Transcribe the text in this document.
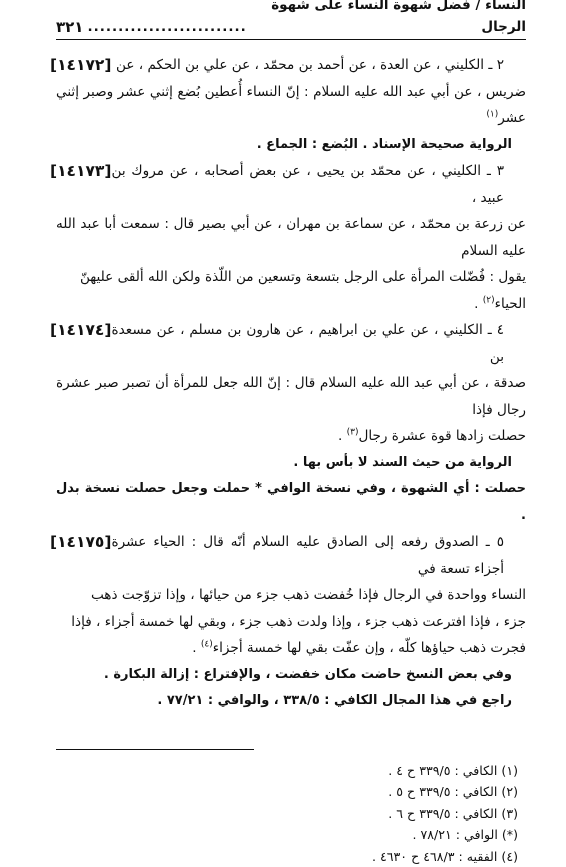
النساء / فضل شهوة النساء على شهوة الرجال
..........................
٣٢١

[١٤١٧٢] ٢ ـ الكليني ، عن العدة ، عن أحمد بن محمّد ، عن علي بن الحكم ، عن

ضريس ، عن أبي عبد الله عليه السلام : إنّ النساء أُعطين بُضع إثني عشر وصبر إثني عشر$^{(١)}$

الرواية صحيحة الإسناد . البُضع : الجماع .

[١٤١٧٣] ٣ ـ الكليني ، عن محمّد بن يحيى ، عن بعض أصحابه ، عن مروك بن عبيد ،

عن زرعة بن محمّد ، عن سماعة بن مهران ، عن أبي بصير قال : سمعت أبا عبد الله عليه السلام

يقول : فُضّلت المرأة على الرجل بتسعة وتسعين من اللّذة ولكن الله ألقى عليهنّ

الحياء$^{(٢)}$ .

[١٤١٧٤] ٤ ـ الكليني ، عن علي بن ابراهيم ، عن هارون بن مسلم ، عن مسعدة بن

صدقة ، عن أبي عبد الله عليه السلام قال : إنّ الله جعل للمرأة أن تصبر صبر عشرة رجال فإذا

حصلت زادها قوة عشرة رجال$^{(٣)}$ .

الرواية من حيث السند لا بأس بها .

حصلت : أي الشهوة ، وفي نسخة الوافي * حملت وجعل حصلت نسخة بدل .

[١٤١٧٥] ٥ ـ الصدوق رفعه إلى الصادق عليه السلام أنّه قال : الحياء عشرة أجزاء تسعة في

النساء وواحدة في الرجال فإذا خُفضت ذهب جزء من حيائها ، وإذا تزوّجت ذهب

جزء ، فإذا افترعت ذهب جزء ، وإذا ولدت ذهب جزء ، وبقي لها خمسة أجزاء ، فإذا

فجرت ذهب حياؤها كلّه ، وإن عفّت بقي لها خمسة أجزاء$^{(٤)}$ .

وفي بعض النسخ حاضت مكان خفضت ، والإفتراع : إزالة البكارة .

راجع في هذا المجال الكافي : ٣٣٨/٥ ، والوافي : ٧٧/٢١ .

(١) الكافي : ٣٣٩/٥ ح ٤ .
(٢) الكافي : ٣٣٩/٥ ح ٥ .
(٣) الكافي : ٣٣٩/٥ ح ٦ .
(*) الوافي : ٧٨/٢١ .
(٤) الفقيه : ٤٦٨/٣ ح ٤٦٣٠ .
